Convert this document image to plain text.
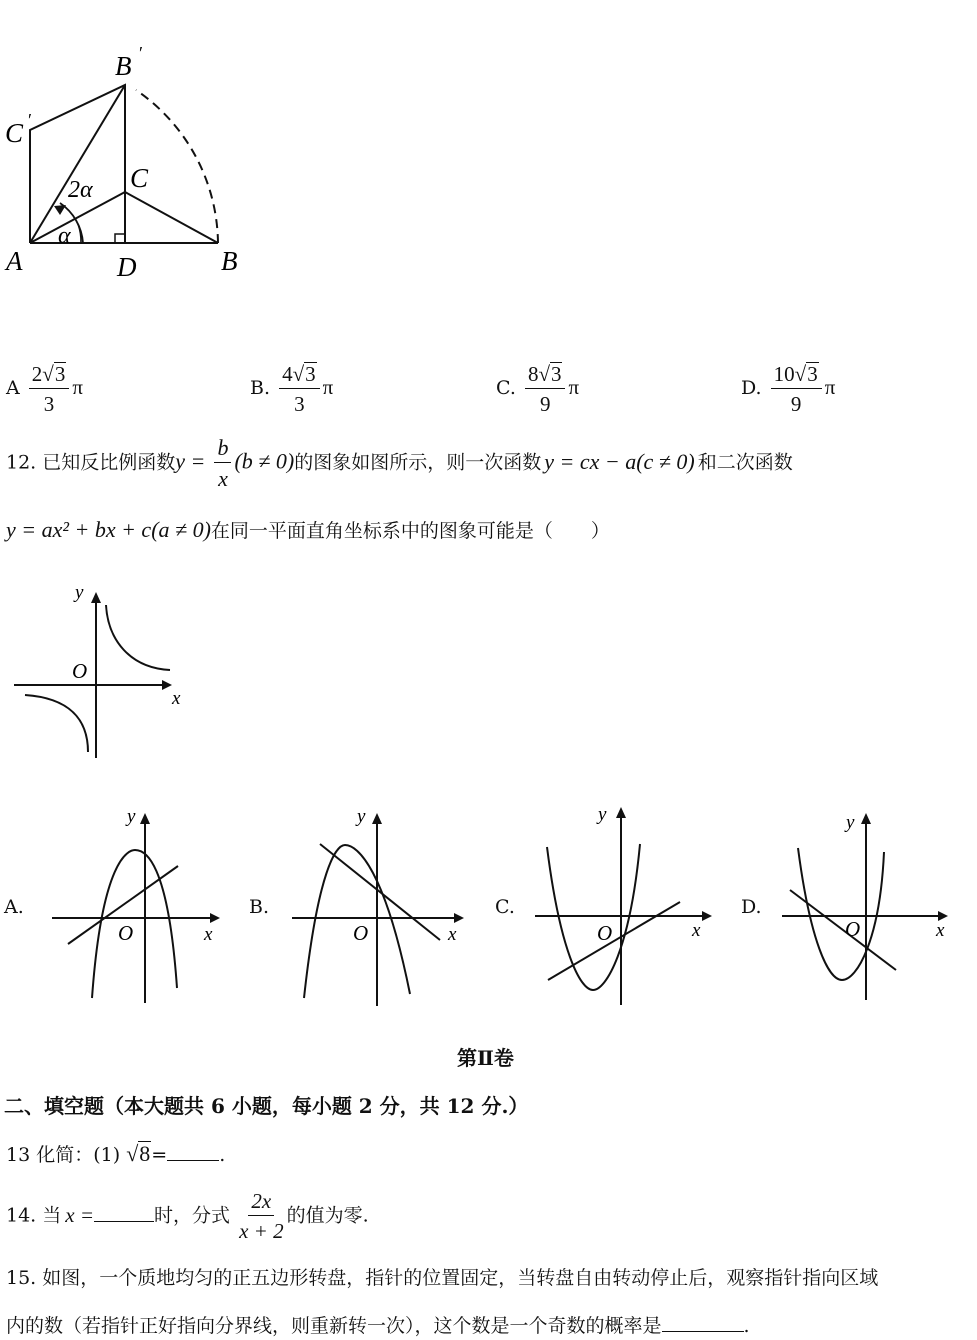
B ′
C ′
C
2α
α
A	D	B
A $\frac{2√3}{3}$ π	B. $\frac{4√3}{3}$ π	C. $\frac{8√3}{9}$ π	D. $\frac{10√3}{9}$ π
12. 已知反比例函数$y = \frac{b}{x} (b \ne 0)$的图象如图所示，则一次函数 y = cx − a(c ≠ 0) 和二次函数
y = ax² + bx + c(a ≠ 0)在同一平面直角坐标系中的图象可能是（　　）
y
O
x
A.
y
O	x
B.
y
O	x
C.
y
O	x
D.
y
O	x
第Ⅱ卷
二、填空题（本大题共 6 小题，每小题 2 分，共 12 分.）
13 化简：(1) √8=	.
14. 当 x =	时，分式 $\frac{2x}{x + 2}$ 的值为零.
15. 如图，一个质地均匀的正五边形转盘，指针的位置固定，当转盘自由转动停止后，观察指针指向区域
内的数（若指针正好指向分界线，则重新转一次），这个数是一个奇数的概率是	.
